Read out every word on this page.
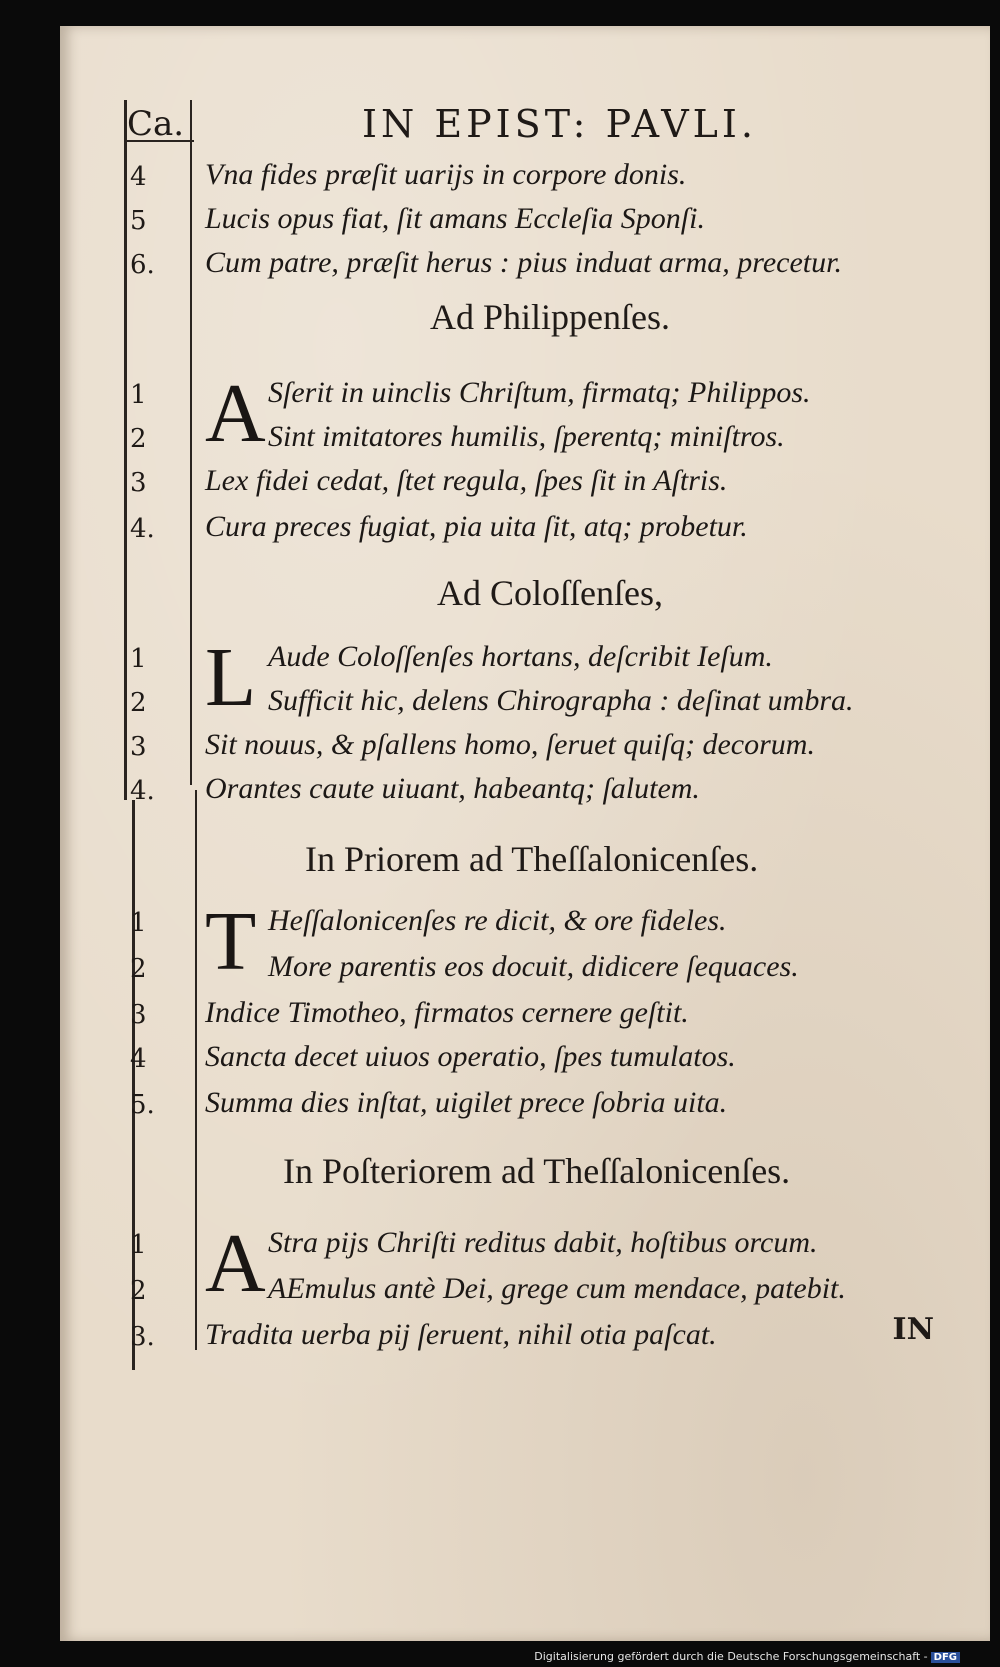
Ca.	IN EPIST: PAVLI.
4 Vna fides præſit uarijs in corpore donis.
5 Lucis opus fiat, ſit amans Eccleſia Sponſi.
6. Cum patre, præſit herus : pius induat arma, precetur.
Ad Philippenſes.
1 A Sſerit in uinclis Chriſtum, firmatq; Philippos.
2	Sint imitatores humilis, ſperentq; miniſtros.
3 Lex fidei cedat, ſtet regula, ſpes ſit in Aſtris.
4. Cura preces fugiat, pia uita ſit, atq; probetur.
Ad Coloſſenſes,
1 L Aude Coloſſenſes hortans, deſcribit Ieſum.
2	Sufficit hic, delens Chirographa : deſinat umbra.
3 Sit nouus, & pſallens homo, ſeruet quiſq; decorum.
4. Orantes caute uiuant, habeantq; ſalutem.
In Priorem ad Theſſalonicenſes.
1 T Heſſalonicenſes re dicit, & ore fideles.
2	More parentis eos docuit, didicere ſequaces.
3 Indice Timotheo, firmatos cernere geſtit.
4 Sancta decet uiuos operatio, ſpes tumulatos.
5. Summa dies inſtat, uigilet prece ſobria uita.
In Poſteriorem ad Theſſalonicenſes.
1 A Stra pijs Chriſti reditus dabit, hoſtibus orcum.
2	AEmulus antè Dei, grege cum mendace, patebit.
3. Tradita uerba pij ſeruent, nihil otia paſcat.	IN
Digitalisierung gefördert durch die Deutsche Forschungsgemeinschaft - DFG
